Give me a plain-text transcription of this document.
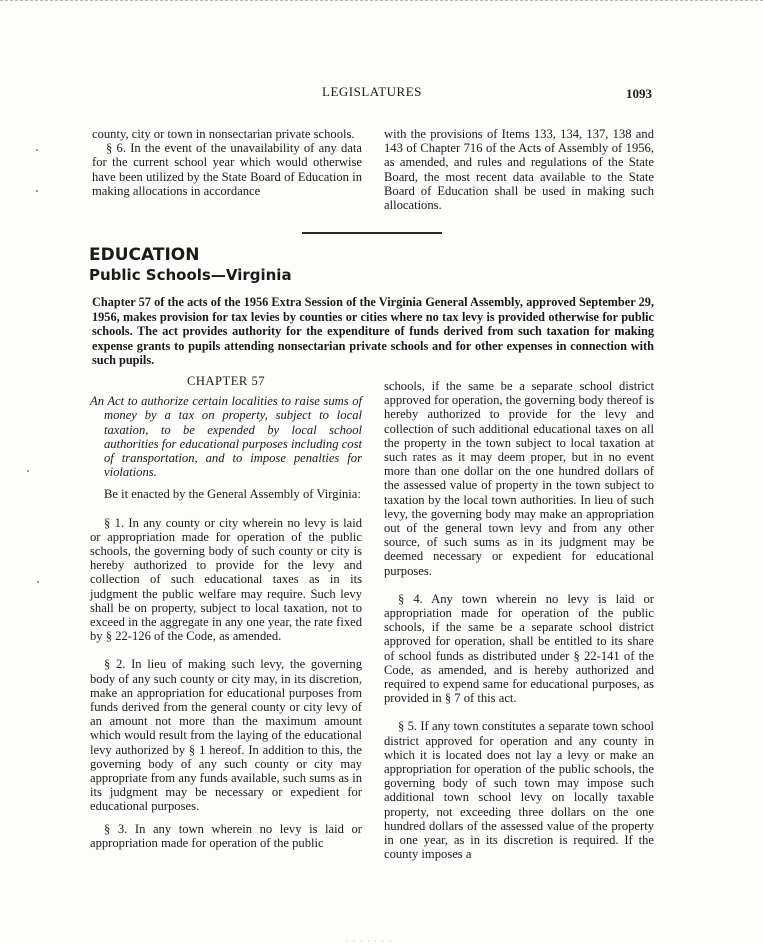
LEGISLATURES	1093

county, city or town in nonsectarian private schools.

§ 6. In the event of the unavailability of any data for the current school year which would otherwise have been utilized by the State Board of Education in making allocations in accordance

with the provisions of Items 133, 134, 137, 138 and 143 of Chapter 716 of the Acts of Assembly of 1956, as amended, and rules and regulations of the State Board, the most recent data available to the State Board of Education shall be used in making such allocations.

EDUCATION
Public Schools—Virginia

Chapter 57 of the acts of the 1956 Extra Session of the Virginia General Assembly, approved September 29, 1956, makes provision for tax levies by counties or cities where no tax levy is provided otherwise for public schools. The act provides authority for the expenditure of funds derived from such taxation for making expense grants to pupils attending nonsectarian private schools and for other expenses in connection with such pupils.

CHAPTER 57

An Act to authorize certain localities to raise sums of money by a tax on property, subject to local taxation, to be expended by local school authorities for educational purposes including cost of transportation, and to impose penalties for violations.

Be it enacted by the General Assembly of Virginia:

§ 1. In any county or city wherein no levy is laid or appropriation made for operation of the public schools, the governing body of such county or city is hereby authorized to provide for the levy and collection of such educational taxes as in its judgment the public welfare may require. Such levy shall be on property, subject to local taxation, not to exceed in the aggregate in any one year, the rate fixed by § 22-126 of the Code, as amended.

§ 2. In lieu of making such levy, the governing body of any such county or city may, in its discretion, make an appropriation for educational purposes from funds derived from the general county or city levy of an amount not more than the maximum amount which would result from the laying of the educational levy authorized by § 1 hereof. In addition to this, the governing body of any such county or city may appropriate from any funds available, such sums as in its judgment may be necessary or expedient for educational purposes.

§ 3. In any town wherein no levy is laid or appropriation made for operation of the public

schools, if the same be a separate school district approved for operation, the governing body thereof is hereby authorized to provide for the levy and collection of such additional educational taxes on all the property in the town subject to local taxation at such rates as it may deem proper, but in no event more than one dollar on the one hundred dollars of the assessed value of property in the town subject to taxation by the local town authorities. In lieu of such levy, the governing body may make an appropriation out of the general town levy and from any other source, of such sums as in its judgment may be deemed necessary or expedient for educational purposes.

§ 4. Any town wherein no levy is laid or appropriation made for operation of the public schools, if the same be a separate school district approved for operation, shall be entitled to its share of school funds as distributed under § 22-141 of the Code, as amended, and is hereby authorized and required to expend same for educational purposes, as provided in § 7 of this act.

§ 5. If any town constitutes a separate town school district approved for operation and any county in which it is located does not lay a levy or make an appropriation for operation of the public schools, the governing body of such town may impose such additional town school levy on locally taxable property, not exceeding three dollars on the one hundred dollars of the assessed value of the property in one year, as in its discretion is required. If the county imposes a

· · · · · · ·
